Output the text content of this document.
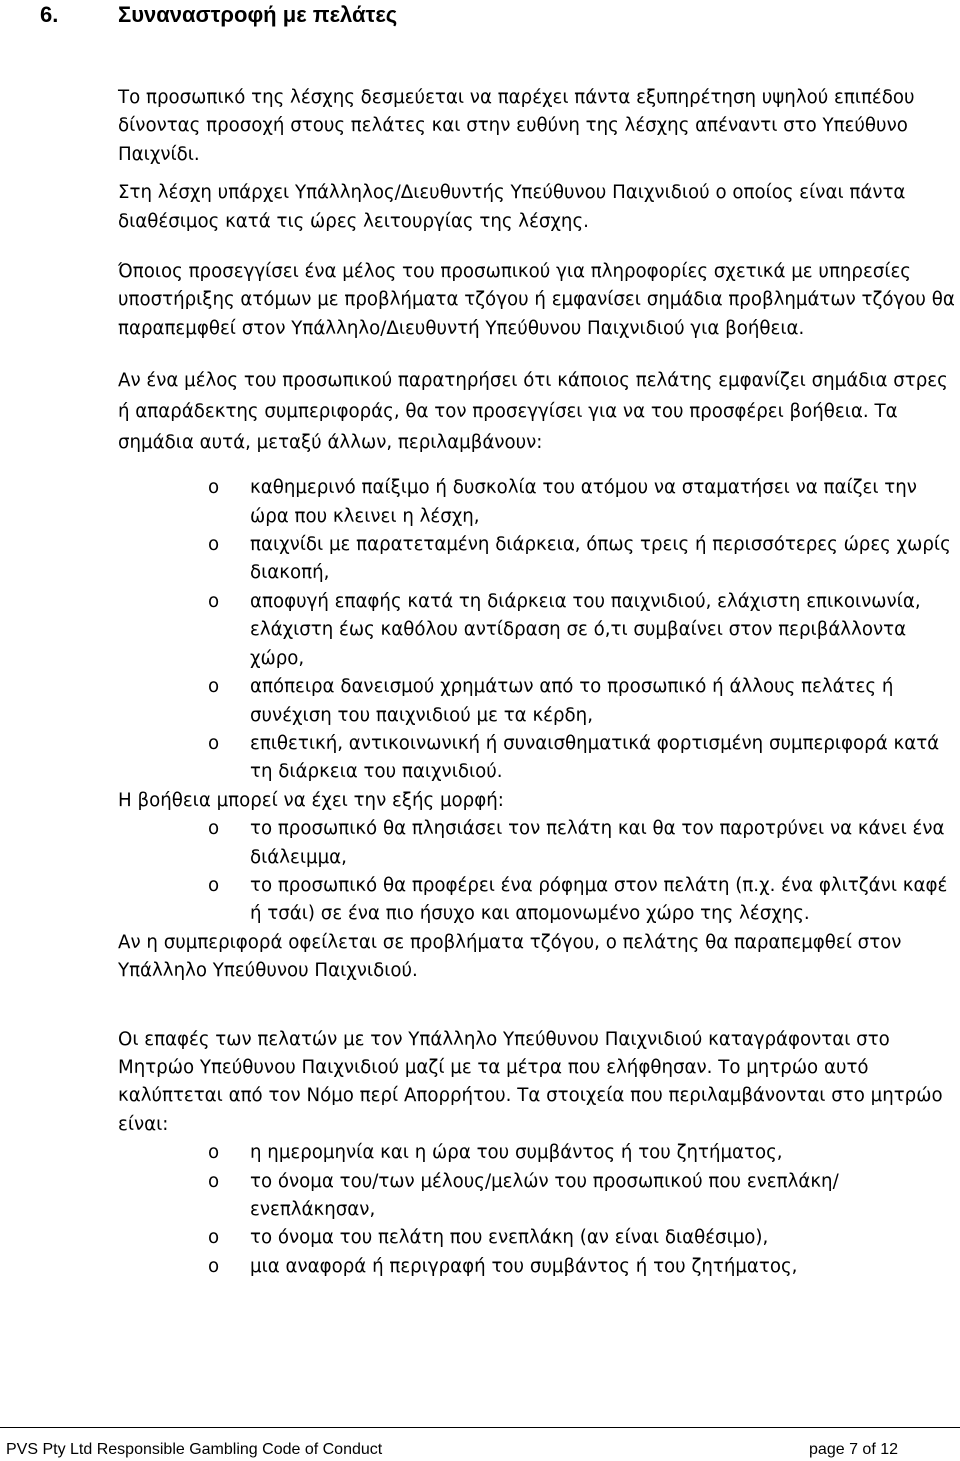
6.	Συναναστροφή με πελάτες

Το προσωπικό της λέσχης δεσμεύεται να παρέχει πάντα εξυπηρέτηση υψηλού επιπέδου δίνοντας προσοχή στους πελάτες και στην ευθύνη της λέσχης απέναντι στο Υπεύθυνο Παιχνίδι.

Στη λέσχη υπάρχει Υπάλληλος/Διευθυντής Υπεύθυνου Παιχνιδιού ο οποίος είναι πάντα διαθέσιμος κατά τις ώρες λειτουργίας της λέσχης.

Όποιος προσεγγίσει ένα μέλος του προσωπικού για πληροφορίες σχετικά με υπηρεσίες υποστήριξης ατόμων με προβλήματα τζόγου ή εμφανίσει σημάδια προβλημάτων τζόγου θα παραπεμφθεί στον Υπάλληλο/Διευθυντή Υπεύθυνου Παιχνιδιού για βοήθεια.

Αν ένα μέλος του προσωπικού παρατηρήσει ότι κάποιος πελάτης εμφανίζει σημάδια στρες ή απαράδεκτης συμπεριφοράς, θα τον προσεγγίσει για να του προσφέρει βοήθεια. Τα σημάδια αυτά, μεταξύ άλλων, περιλαμβάνουν:

o καθημερινό παίξιμο ή δυσκολία του ατόμου να σταματήσει να παίζει την ώρα που κλεινει η λέσχη,
o παιχνίδι με παρατεταμένη διάρκεια, όπως τρεις ή περισσότερες ώρες χωρίς διακοπή,
o αποφυγή επαφής κατά τη διάρκεια του παιχνιδιού, ελάχιστη επικοινωνία, ελάχιστη έως καθόλου αντίδραση σε ό,τι συμβαίνει στον περιβάλλοντα χώρο,
o απόπειρα δανεισμού χρημάτων από το προσωπικό ή άλλους πελάτες ή συνέχιση του παιχνιδιού με τα κέρδη,
o επιθετική, αντικοινωνική ή συναισθηματικά φορτισμένη συμπεριφορά κατά τη διάρκεια του παιχνιδιού.

Η βοήθεια μπορεί να έχει την εξής μορφή:

o το προσωπικό θα πλησιάσει τον πελάτη και θα τον παροτρύνει να κάνει ένα διάλειμμα,
o το προσωπικό θα προφέρει ένα ρόφημα στον πελάτη (π.χ. ένα φλιτζάνι καφέ ή τσάι) σε ένα πιο ήσυχο και απομονωμένο χώρο της λέσχης.

Αν η συμπεριφορά οφείλεται σε προβλήματα τζόγου, ο πελάτης θα παραπεμφθεί στον Υπάλληλο Υπεύθυνου Παιχνιδιού.

Οι επαφές των πελατών με τον Υπάλληλο Υπεύθυνου Παιχνιδιού καταγράφονται στο Μητρώο Υπεύθυνου Παιχνιδιού μαζί με τα μέτρα που ελήφθησαν. Το μητρώο αυτό καλύπτεται από τον Νόμο περί Απορρήτου. Τα στοιχεία που περιλαμβάνονται στο μητρώο είναι:

o η ημερομηνία και η ώρα του συμβάντος ή του ζητήματος,
o το όνομα του/των μέλους/μελών του προσωπικού που ενεπλάκη/ενεπλάκησαν,
o το όνομα του πελάτη που ενεπλάκη (αν είναι διαθέσιμο),
o μια αναφορά ή περιγραφή του συμβάντος ή του ζητήματος,
PVS Pty Ltd Responsible Gambling Code of Conduct	page 7 of 12
